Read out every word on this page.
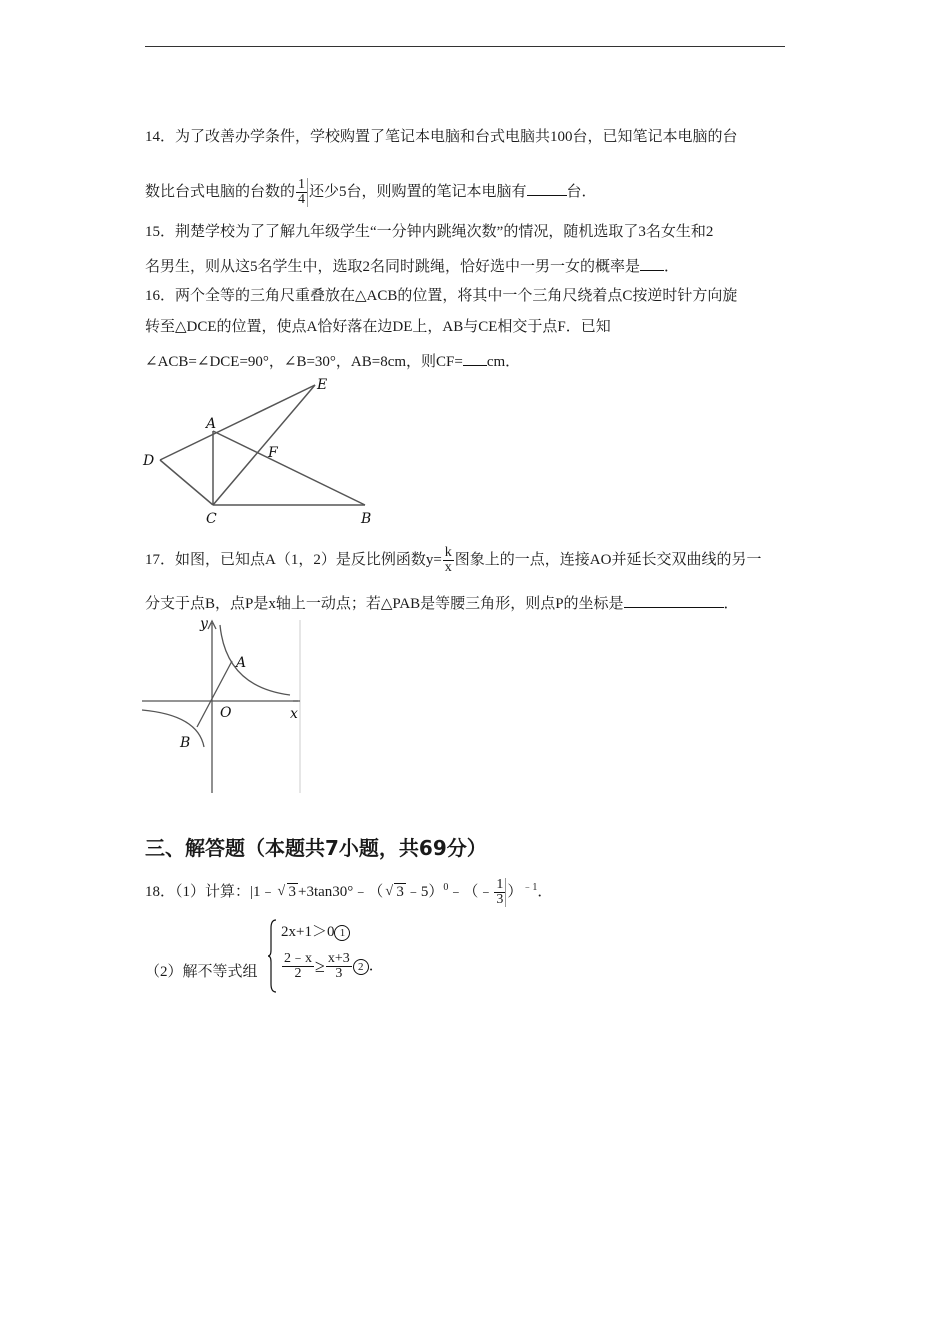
14．为了改善办学条件，学校购置了笔记本电脑和台式电脑共100台，已知笔记本电脑的台
数比台式电脑的台数的 $\frac{1}{4}$ 还少5台，则购置的笔记本电脑有	台．
15．荆楚学校为了了解九年级学生“一分钟内跳绳次数”的情况，随机选取了3名女生和2
名男生，则从这5名学生中，选取2名同时跳绳，恰好选中一男一女的概率是 ．
16．两个全等的三角尺重叠放在△ACB的位置，将其中一个三角尺绕着点C按逆时针方向旋
转至△DCE的位置，使点A恰好落在边DE上，AB与CE相交于点F．已知
∠ACB=∠DCE=90°，∠B=30°，AB=8cm，则CF= cm．
E
A
F
D
C	B
17．如图，已知点A（1，2）是反比例函数$y= \frac{k}{x}$ 图象上的一点，连接AO并延长交双曲线的另一
分支于点B，点P是x轴上一动点；若△PAB是等腰三角形，则点P的坐标是	．
y
x
O
A
B
三、解答题（本题共7小题，共69分）
18．（1）计算：|1﹣ √ 3 +3tan30°﹣（ √ 3 ﹣5）$^0$﹣（﹣ $\frac{1}{3} )^{﹣1}$．
（2）解不等式组
2x+1＞0 1
$\frac{2﹣x}{2} \ge \frac{x+3}{3} 2$ ．
